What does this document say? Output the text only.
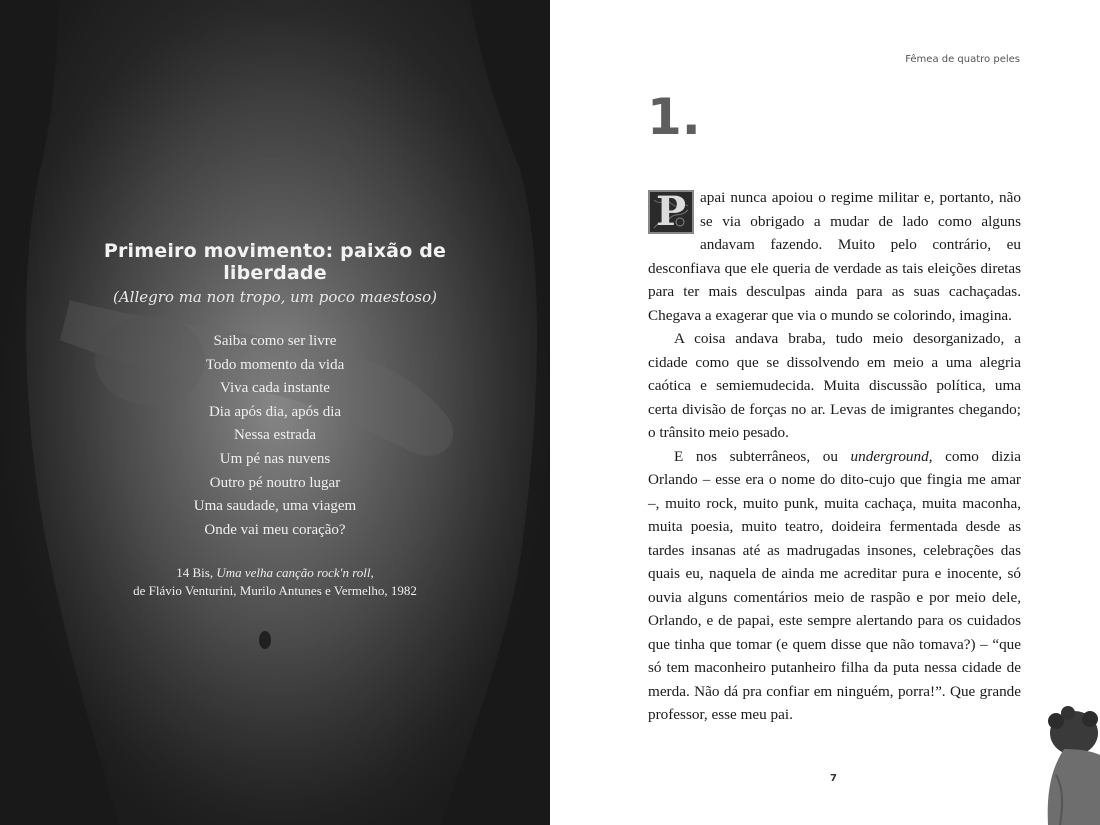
Primeiro movimento: paixão de liberdade

(Allegro ma non tropo, um poco maestoso)

Saiba como ser livre
Todo momento da vida
Viva cada instante
Dia após dia, após dia
Nessa estrada
Um pé nas nuvens
Outro pé noutro lugar
Uma saudade, uma viagem
Onde vai meu coração?
14 Bis, Uma velha canção rock'n roll,
de Flávio Venturini, Murilo Antunes e Vermelho, 1982
Fêmea de quatro peles
1.

P apai nunca apoiou o regime militar e, portanto, não se via obrigado a mudar de lado como alguns andavam fazendo. Muito pelo contrário, eu desconfiava que ele queria de verdade as tais eleições diretas para ter mais desculpas ainda para as suas cachaçadas. Chegava a exagerar que via o mundo se colorindo, imagina.

A coisa andava braba, tudo meio desorganizado, a cidade como que se dissolvendo em meio a uma alegria caótica e semiemudecida. Muita discussão política, uma certa divisão de forças no ar. Levas de imigrantes chegando; o trânsito meio pesado.

E nos subterrâneos, ou underground, como dizia Orlando – esse era o nome do dito-cujo que fingia me amar –, muito rock, muito punk, muita cachaça, muita maconha, muita poesia, muito teatro, doideira fermentada desde as tardes insanas até as madrugadas insones, celebrações das quais eu, naquela de ainda me acreditar pura e inocente, só ouvia alguns comentários meio de raspão e por meio dele, Orlando, e de papai, este sempre alertando para os cuidados que tinha que tomar (e quem disse que não tomava?) – “que só tem maconheiro putanheiro filha da puta nessa cidade de merda. Não dá pra confiar em ninguém, porra!”. Que grande professor, esse meu pai.

7
